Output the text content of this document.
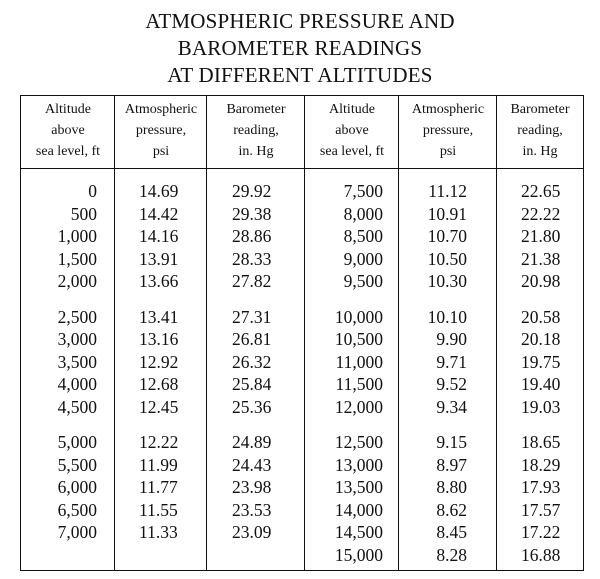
ATMOSPHERIC PRESSURE AND
BAROMETER READINGS
AT DIFFERENT ALTITUDES
Altitude
above
sea level, ft
Atmospheric
pressure,
psi
Barometer
reading,
in. Hg
Altitude
above
sea level, ft
Atmospheric
pressure,
psi
Barometer
reading,
in. Hg
0
500
1,000
1,500
2,000
2,500
3,000
3,500
4,000
4,500
5,000
5,500
6,000
6,500
7,000
14.69
14.42
14.16
13.91
13.66
13.41
13.16
12.92
12.68
12.45
12.22
11.99
11.77
11.55
11.33
29.92
29.38
28.86
28.33
27.82
27.31
26.81
26.32
25.84
25.36
24.89
24.43
23.98
23.53
23.09
7,500
8,000
8,500
9,000
9,500
10,000
10,500
11,000
11,500
12,000
12,500
13,000
13,500
14,000
14,500
15,000
11.12
10.91
10.70
10.50
10.30
10.10
9.90
9.71
9.52
9.34
9.15
8.97
8.80
8.62
8.45
8.28
22.65
22.22
21.80
21.38
20.98
20.58
20.18
19.75
19.40
19.03
18.65
18.29
17.93
17.57
17.22
16.88
